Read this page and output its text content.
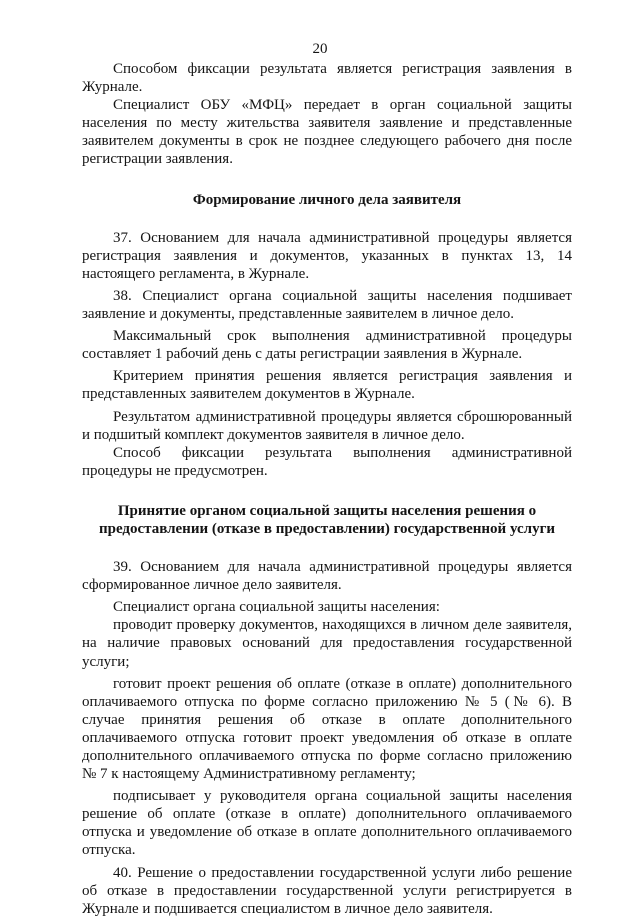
20

Способом фиксации результата является регистрация заявления в Журнале.

Специалист ОБУ «МФЦ» передает в орган социальной защиты населения по месту жительства заявителя заявление и представленные заявителем документы в срок не позднее следующего рабочего дня после регистрации заявления.

Формирование личного дела заявителя

37. Основанием для начала административной процедуры является регистрация заявления и документов, указанных в пунктах 13, 14 настоящего регламента, в Журнале.

38. Специалист органа социальной защиты населения подшивает заявление и документы, представленные заявителем в личное дело.

Максимальный срок выполнения административной процедуры составляет 1 рабочий день с даты регистрации заявления в Журнале.

Критерием принятия решения является регистрация заявления и представленных заявителем документов в Журнале.

Результатом административной процедуры является сброшюрованный и подшитый комплект документов заявителя в личное дело.

Способ фиксации результата выполнения административной процедуры не предусмотрен.

Принятие органом социальной защиты населения решения о предоставлении (отказе в предоставлении) государственной услуги

39. Основанием для начала административной процедуры является сформированное личное дело заявителя.

Специалист органа социальной защиты населения:

проводит проверку документов, находящихся в личном деле заявителя, на наличие правовых оснований для предоставления государственной услуги;

готовит проект решения об оплате (отказе в оплате) дополнительного оплачиваемого отпуска по форме согласно приложению № 5 (№ 6). В случае принятия решения об отказе в оплате дополнительного оплачиваемого отпуска готовит проект уведомления об отказе в оплате дополнительного оплачиваемого отпуска по форме согласно приложению № 7 к настоящему Административному регламенту;

подписывает у руководителя органа социальной защиты населения решение об оплате (отказе в оплате) дополнительного оплачиваемого отпуска и уведомление об отказе в оплате дополнительного оплачиваемого отпуска.

40. Решение о предоставлении государственной услуги либо решение об отказе в предоставлении государственной услуги регистрируется в Журнале и подшивается специалистом в личное дело заявителя.
